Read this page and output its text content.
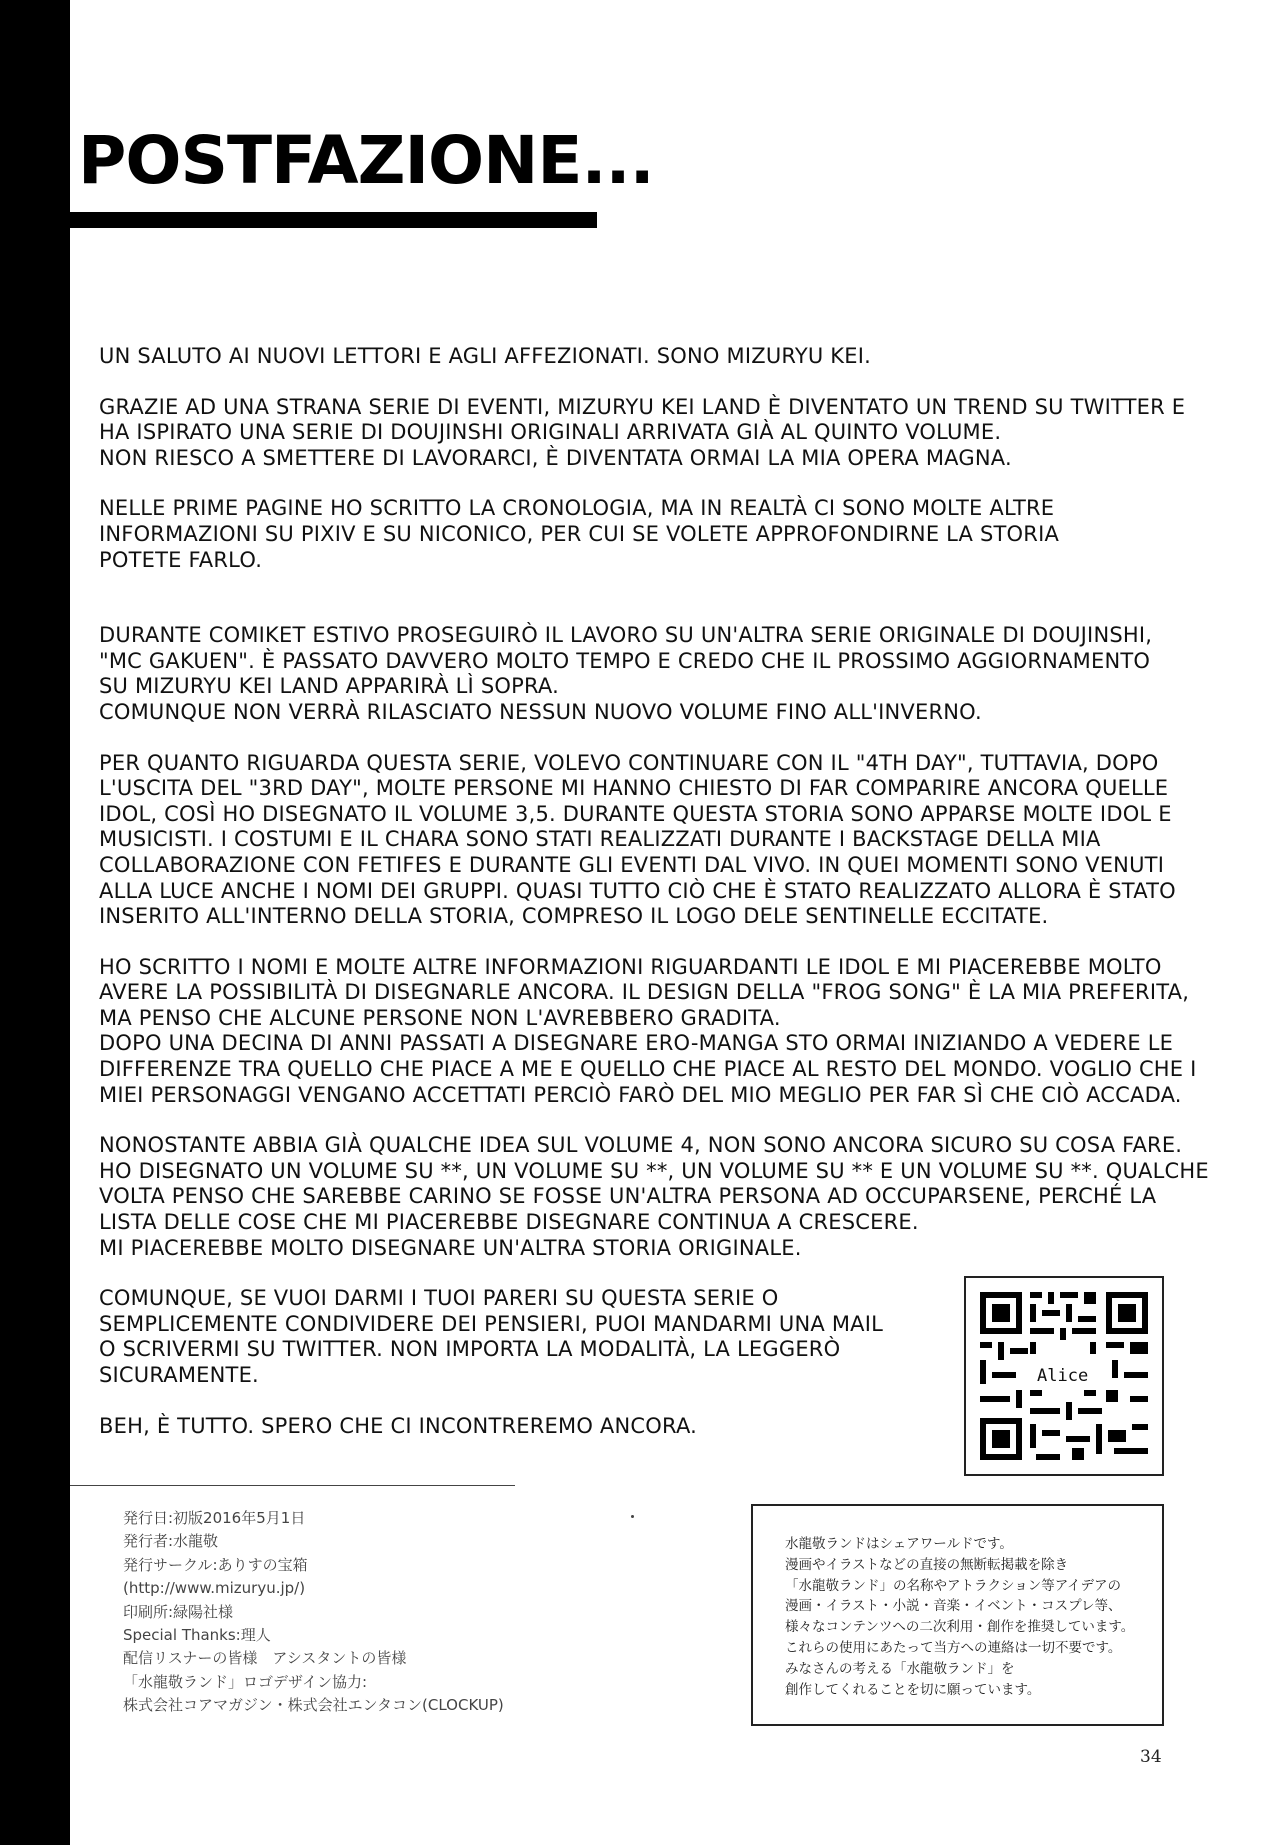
POSTFAZIONE...

UN SALUTO AI NUOVI LETTORI E AGLI AFFEZIONATI. SONO MIZURYU KEI.

GRAZIE AD UNA STRANA SERIE DI EVENTI, MIZURYU KEI LAND È DIVENTATO UN TREND SU TWITTER E
HA ISPIRATO UNA SERIE DI DOUJINSHI ORIGINALI ARRIVATA GIÀ AL QUINTO VOLUME.
NON RIESCO A SMETTERE DI LAVORARCI, È DIVENTATA ORMAI LA MIA OPERA MAGNA.

NELLE PRIME PAGINE HO SCRITTO LA CRONOLOGIA, MA IN REALTÀ CI SONO MOLTE ALTRE
INFORMAZIONI SU PIXIV E SU NICONICO, PER CUI SE VOLETE APPROFONDIRNE LA STORIA
POTETE FARLO.

DURANTE COMIKET ESTIVO PROSEGUIRÒ IL LAVORO SU UN'ALTRA SERIE ORIGINALE DI DOUJINSHI,
"MC GAKUEN". È PASSATO DAVVERO MOLTO TEMPO E CREDO CHE IL PROSSIMO AGGIORNAMENTO
SU MIZURYU KEI LAND APPARIRÀ LÌ SOPRA.
COMUNQUE NON VERRÀ RILASCIATO NESSUN NUOVO VOLUME FINO ALL'INVERNO.

PER QUANTO RIGUARDA QUESTA SERIE, VOLEVO CONTINUARE CON IL "4TH DAY", TUTTAVIA, DOPO
L'USCITA DEL "3RD DAY", MOLTE PERSONE MI HANNO CHIESTO DI FAR COMPARIRE ANCORA QUELLE
IDOL, COSÌ HO DISEGNATO IL VOLUME 3,5. DURANTE QUESTA STORIA SONO APPARSE MOLTE IDOL E
MUSICISTI. I COSTUMI E IL CHARA SONO STATI REALIZZATI DURANTE I BACKSTAGE DELLA MIA
COLLABORAZIONE CON FETIFES E DURANTE GLI EVENTI DAL VIVO. IN QUEI MOMENTI SONO VENUTI
ALLA LUCE ANCHE I NOMI DEI GRUPPI. QUASI TUTTO CIÒ CHE È STATO REALIZZATO ALLORA È STATO
INSERITO ALL'INTERNO DELLA STORIA, COMPRESO IL LOGO DELE SENTINELLE ECCITATE.

HO SCRITTO I NOMI E MOLTE ALTRE INFORMAZIONI RIGUARDANTI LE IDOL E MI PIACEREBBE MOLTO
AVERE LA POSSIBILITÀ DI DISEGNARLE ANCORA. IL DESIGN DELLA "FROG SONG" È LA MIA PREFERITA,
MA PENSO CHE ALCUNE PERSONE NON L'AVREBBERO GRADITA.
DOPO UNA DECINA DI ANNI PASSATI A DISEGNARE ERO-MANGA STO ORMAI INIZIANDO A VEDERE LE
DIFFERENZE TRA QUELLO CHE PIACE A ME E QUELLO CHE PIACE AL RESTO DEL MONDO. VOGLIO CHE I
MIEI PERSONAGGI VENGANO ACCETTATI PERCIÒ FARÒ DEL MIO MEGLIO PER FAR SÌ CHE CIÒ ACCADA.

NONOSTANTE ABBIA GIÀ QUALCHE IDEA SUL VOLUME 4, NON SONO ANCORA SICURO SU COSA FARE.
HO DISEGNATO UN VOLUME SU **, UN VOLUME SU **, UN VOLUME SU ** E UN VOLUME SU **. QUALCHE
VOLTA PENSO CHE SAREBBE CARINO SE FOSSE UN'ALTRA PERSONA AD OCCUPARSENE, PERCHÉ LA
LISTA DELLE COSE CHE MI PIACEREBBE DISEGNARE CONTINUA A CRESCERE.
MI PIACEREBBE MOLTO DISEGNARE UN'ALTRA STORIA ORIGINALE.

COMUNQUE, SE VUOI DARMI I TUOI PARERI SU QUESTA SERIE O
SEMPLICEMENTE CONDIVIDERE DEI PENSIERI, PUOI MANDARMI UNA MAIL
O SCRIVERMI SU TWITTER. NON IMPORTA LA MODALITÀ, LA LEGGERÒ
SICURAMENTE.

BEH, È TUTTO. SPERO CHE CI INCONTREREMO ANCORA.

Alice
発行日:初版2016年5月1日
発行者:水龍敬
発行サークル:ありすの宝箱
(http://www.mizuryu.jp/)
印刷所:緑陽社様
Special Thanks:理人
配信リスナーの皆様　アシスタントの皆様
「水龍敬ランド」ロゴデザイン協力:
株式会社コアマガジン・株式会社エンタコン(CLOCKUP)
水龍敬ランドはシェアワールドです。
漫画やイラストなどの直接の無断転掲載を除き
「水龍敬ランド」の名称やアトラクション等アイデアの
漫画・イラスト・小説・音楽・イベント・コスプレ等、
様々なコンテンツへの二次利用・創作を推奨しています。
これらの使用にあたって当方への連絡は一切不要です。
みなさんの考える「水龍敬ランド」を
創作してくれることを切に願っています。
34
